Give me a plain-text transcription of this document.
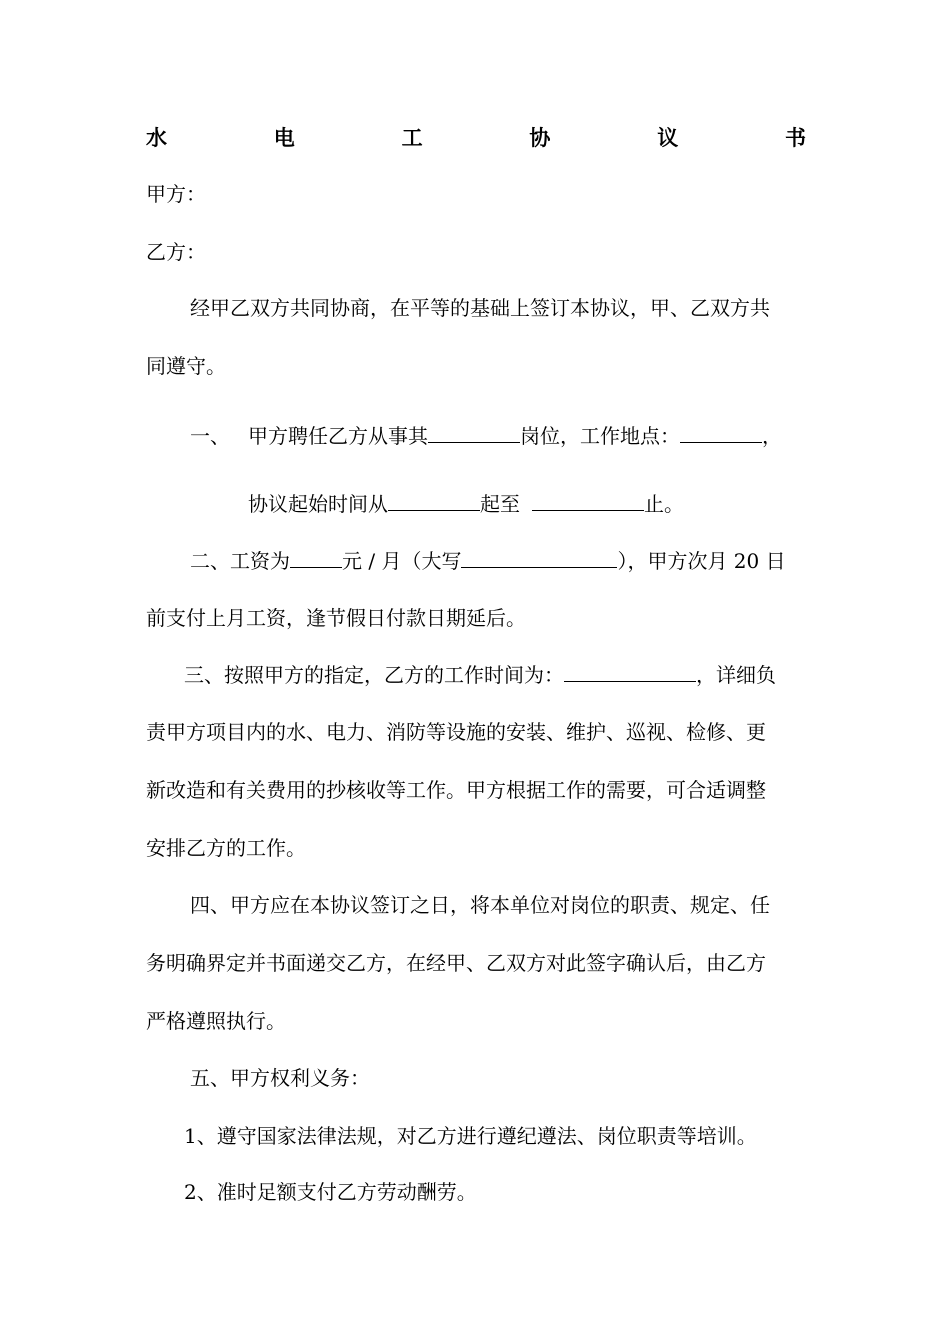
水	电	工	协	议	书
甲方：
乙方：
经甲乙双方共同协商，在平等的基础上签订本协议，甲、乙双方共
同遵守。
一、 甲方聘任乙方从事其	岗位，工作地点：	，
协议起始时间从	起至	止。
二、工资为	元 / 月（大写	），甲方次月 20 日
前支付上月工资，逢节假日付款日期延后。
三、按照甲方的指定，乙方的工作时间为：	，详细负
责甲方项目内的水、电力、消防等设施的安装、维护、巡视、检修、更
新改造和有关费用的抄核收等工作。甲方根据工作的需要，可合适调整
安排乙方的工作。
四、甲方应在本协议签订之日，将本单位对岗位的职责、规定、任
务明确界定并书面递交乙方，在经甲、乙双方对此签字确认后，由乙方
严格遵照执行。
五、甲方权利义务：
1、遵守国家法律法规，对乙方进行遵纪遵法、岗位职责等培训。
2、准时足额支付乙方劳动酬劳。
